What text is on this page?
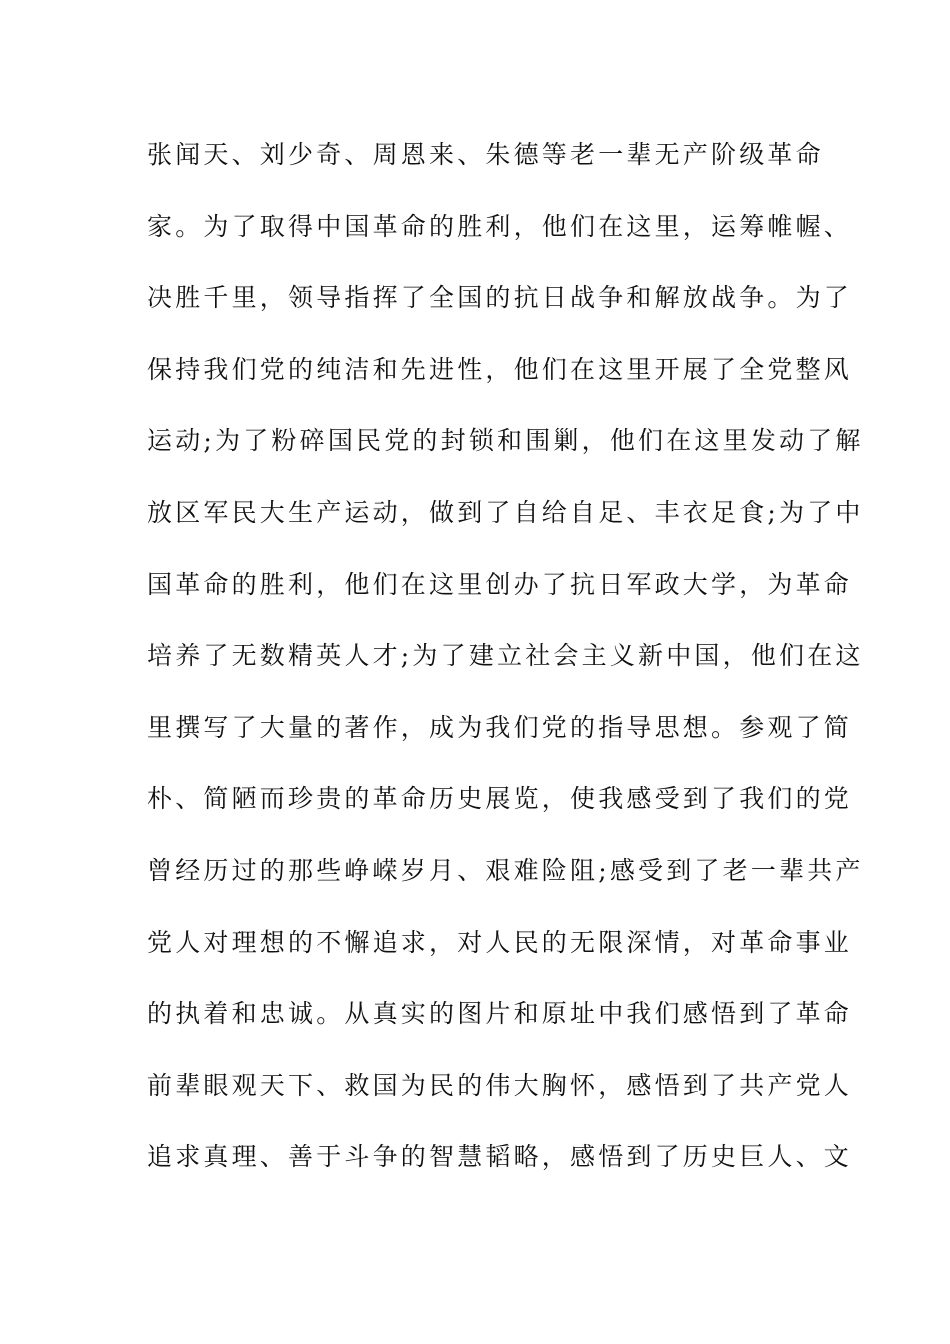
张闻天、刘少奇、周恩来、朱德等老一辈无产阶级革命
家。为了取得中国革命的胜利，他们在这里，运筹帷幄、
决胜千里，领导指挥了全国的抗日战争和解放战争。为了
保持我们党的纯洁和先进性，他们在这里开展了全党整风
运动;为了粉碎国民党的封锁和围剿，他们在这里发动了解
放区军民大生产运动，做到了自给自足、丰衣足食;为了中
国革命的胜利，他们在这里创办了抗日军政大学，为革命
培养了无数精英人才;为了建立社会主义新中国，他们在这
里撰写了大量的著作，成为我们党的指导思想。参观了简
朴、简陋而珍贵的革命历史展览，使我感受到了我们的党
曾经历过的那些峥嵘岁月、艰难险阻;感受到了老一辈共产
党人对理想的不懈追求，对人民的无限深情，对革命事业
的执着和忠诚。从真实的图片和原址中我们感悟到了革命
前辈眼观天下、救国为民的伟大胸怀，感悟到了共产党人
追求真理、善于斗争的智慧韬略，感悟到了历史巨人、文
